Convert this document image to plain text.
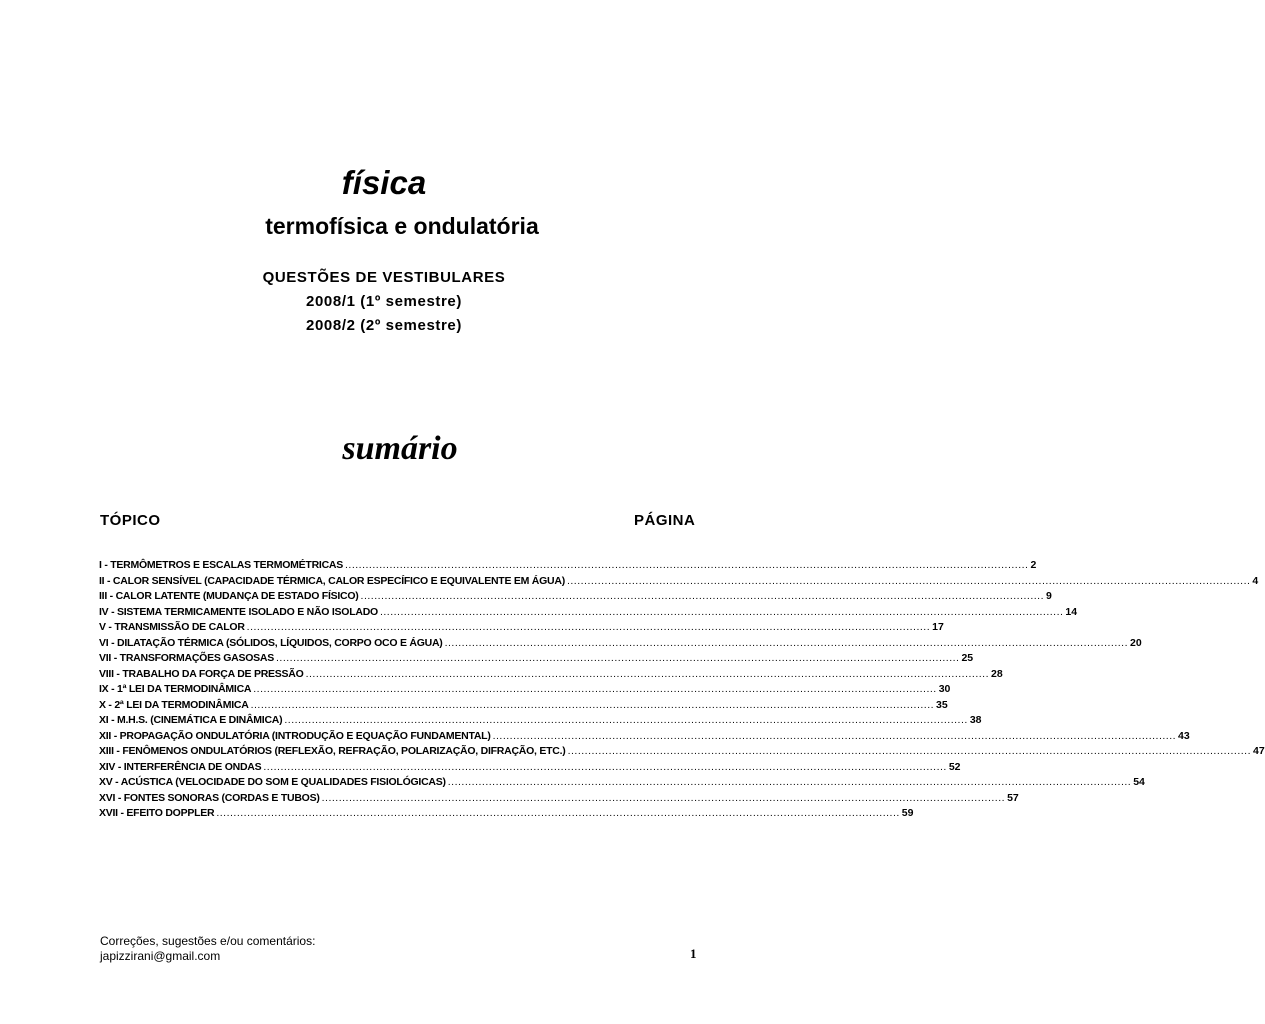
física
termofísica e ondulatória
QUESTÕES DE VESTIBULARES
2008/1 (1º semestre)
2008/2 (2º semestre)
sumário
TÓPICO	PÁGINA
I - TERMÔMETROS E ESCALAS TERMOMÉTRICAS ........................................................................................................................................................................................................ 2
II - CALOR SENSÍVEL (CAPACIDADE TÉRMICA, CALOR ESPECÍFICO E EQUIVALENTE EM ÁGUA) ........................................................................................................................................................................................................ 4
III - CALOR LATENTE (MUDANÇA DE ESTADO FÍSICO) ........................................................................................................................................................................................................ 9
IV - SISTEMA TERMICAMENTE ISOLADO E NÃO ISOLADO ........................................................................................................................................................................................................ 14
V - TRANSMISSÃO DE CALOR ........................................................................................................................................................................................................ 17
VI - DILATAÇÃO TÉRMICA (SÓLIDOS, LÍQUIDOS, CORPO OCO E ÁGUA) ........................................................................................................................................................................................................ 20
VII - TRANSFORMAÇÕES GASOSAS ........................................................................................................................................................................................................ 25
VIII - TRABALHO DA FORÇA DE PRESSÃO ........................................................................................................................................................................................................ 28
IX - 1ª LEI DA TERMODINÂMICA ........................................................................................................................................................................................................ 30
X - 2ª LEI DA TERMODINÂMICA ........................................................................................................................................................................................................ 35
XI - M.H.S. (CINEMÁTICA E DINÂMICA) ........................................................................................................................................................................................................ 38
XII - PROPAGAÇÃO ONDULATÓRIA (INTRODUÇÃO E EQUAÇÃO FUNDAMENTAL) ........................................................................................................................................................................................................ 43
XIII - FENÔMENOS ONDULATÓRIOS (REFLEXÃO, REFRAÇÃO, POLARIZAÇÃO, DIFRAÇÃO, ETC.) ........................................................................................................................................................................................................ 47
XIV - INTERFERÊNCIA DE ONDAS ........................................................................................................................................................................................................ 52
XV - ACÚSTICA (VELOCIDADE DO SOM E QUALIDADES FISIOLÓGICAS) ........................................................................................................................................................................................................ 54
XVI - FONTES SONORAS (CORDAS E TUBOS) ........................................................................................................................................................................................................ 57
XVII - EFEITO DOPPLER ........................................................................................................................................................................................................ 59
Correções, sugestões e/ou comentários:
japizzirani@gmail.com	1
